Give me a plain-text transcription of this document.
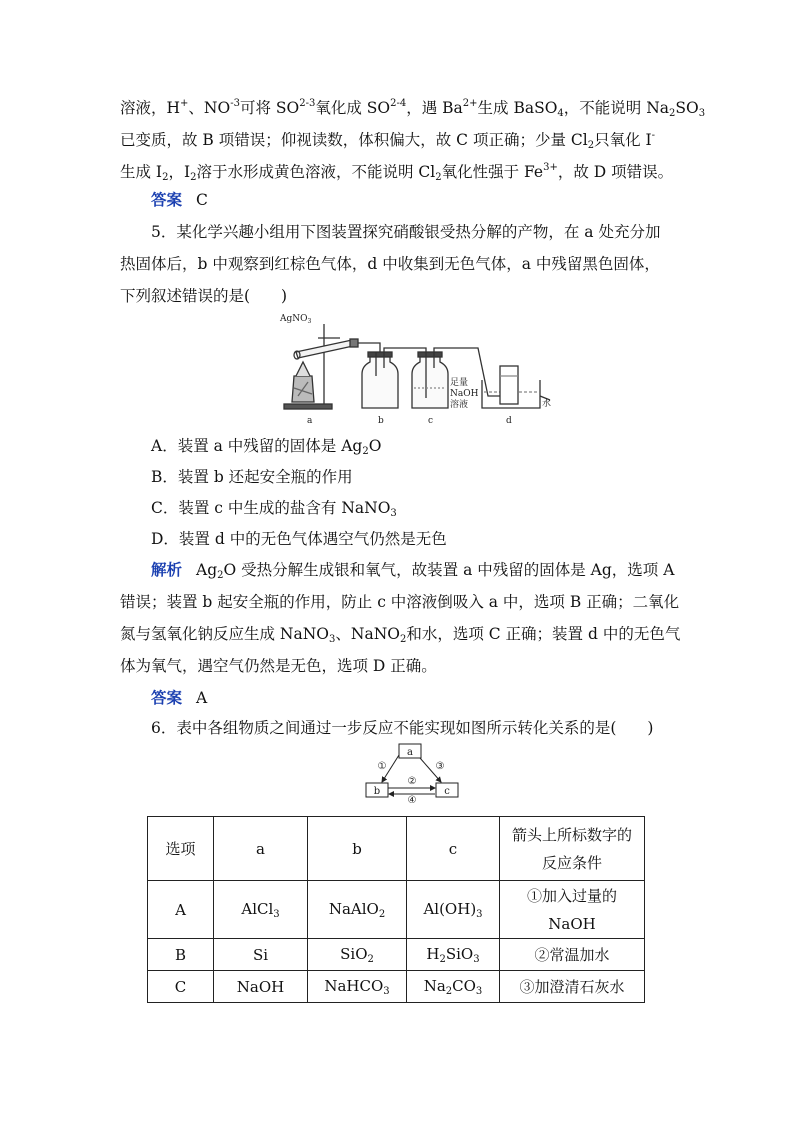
溶液，H+、$NO^{-3}$可将 SO$^{2-3}$氧化成 SO$^{2-4}$，遇 $Ba^{2+}$生成 BaSO$_4$，不能说明 $Na_2SO_3$
已变质，故 B 项错误；仰视读数，体积偏大，故 C 项正确；少量 $Cl_2$只氧化 I-
生成 $I_2$，$I_2$溶于水形成黄色溶液，不能说明 $Cl_2$氧化性强于 $Fe^{3+}$，故 D 项错误。
答案 C
5．某化学兴趣小组用下图装置探究硝酸银受热分解的产物，在 a 处充分加
热固体后，b 中观察到红棕色气体，d 中收集到无色气体，a 中残留黑色固体，
下列叙述错误的是(　　)
AgNO$_3$
足量
NaOH
溶液	水
a	b	c	d
A．装置 a 中残留的固体是 $Ag_2O$
B．装置 b 还起安全瓶的作用
C．装置 c 中生成的盐含有 NaNO$_3$
D．装置 d 中的无色气体遇空气仍然是无色
解析 $Ag_2O$ 受热分解生成银和氧气，故装置 a 中残留的固体是 Ag，选项 A
错误；装置 b 起安全瓶的作用，防止 c 中溶液倒吸入 a 中，选项 B 正确；二氧化
氮与氢氧化钠反应生成 NaNO$_3$、NaNO$_2$和水，选项 C 正确；装置 d 中的无色气
体为氧气，遇空气仍然是无色，选项 D 正确。
答案 A
6．表中各组物质之间通过一步反应不能实现如图所示转化关系的是(　　)
a
b	c
①	③
②
④
选项	a	b	c	箭头上所标数字的
反应条件
A	AlCl$_3$	NaAlO$_2$	$Al(OH)_3$	①加入过量的
NaOH
B	Si	SiO$_2$	$H_2SiO_3$	②常温加水
C	NaOH	NaHCO$_3$	$Na_2CO_3$	③加澄清石灰水
